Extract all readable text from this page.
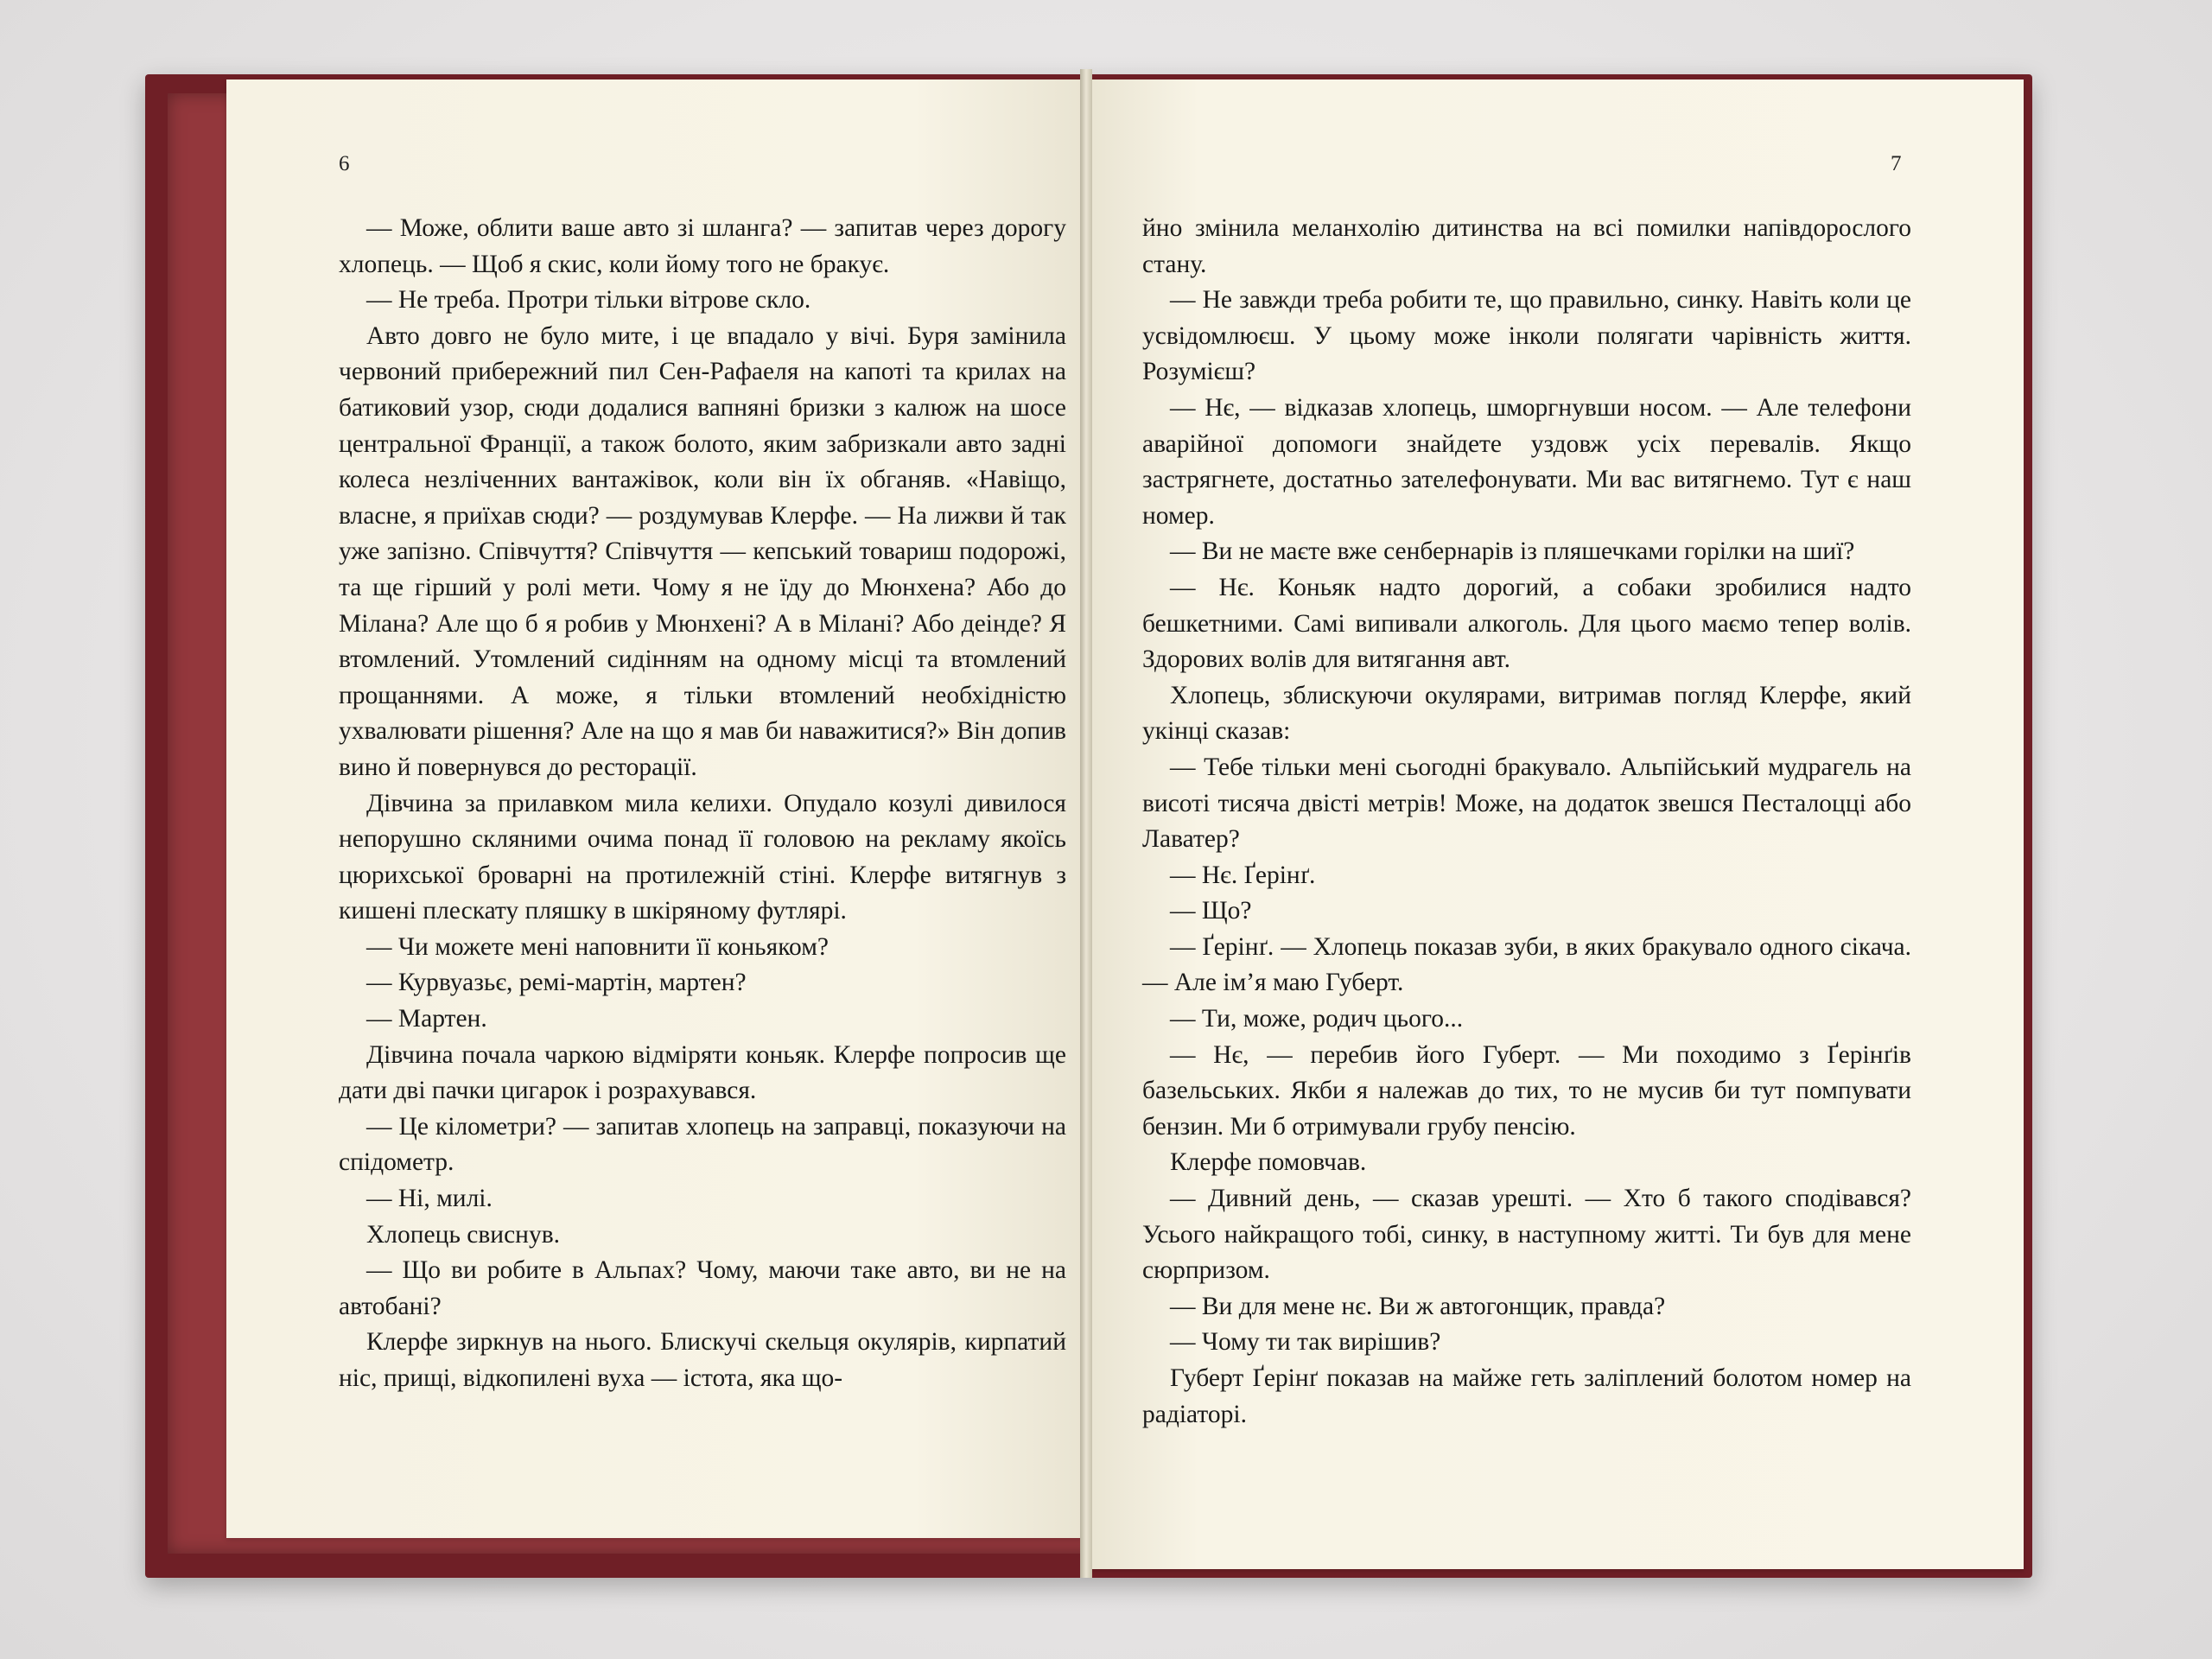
6

— Може, облити ваше авто зі шланга? — запитав через дорогу хлопець. — Щоб я скис, коли йому того не бракує.

— Не треба. Протри тільки вітрове скло.

Авто довго не було мите, і це впадало у вічі. Буря замінила червоний прибережний пил Сен-Рафаеля на капоті та крилах на батиковий узор, сюди додалися вапняні бризки з калюж на шосе центральної Франції, а також болото, яким забризкали авто задні колеса незліченних вантажівок, коли він їх обганяв. «Навіщо, власне, я приїхав сюди? — роздумував Клерфе. — На лижви й так уже запізно. Співчуття? Співчуття — кепський товариш подорожі, та ще гірший у ролі мети. Чому я не їду до Мюнхена? Або до Мілана? Але що б я робив у Мюнхені? А в Мілані? Або деінде? Я втомлений. Утомлений сидінням на одному місці та втомлений прощаннями. А може, я тільки втомлений необхідністю ухвалювати рішення? Але на що я мав би наважитися?» Він допив вино й повернувся до ресторації.

Дівчина за прилавком мила келихи. Опудало козулі дивилося непорушно скляними очима понад її головою на рекламу якоїсь цюрихської броварні на протилежній стіні. Клерфе витягнув з кишені плескату пляшку в шкіряному футлярі.

— Чи можете мені наповнити її коньяком?

— Курвуазьє, ремі-мартін, мартен?

— Мартен.

Дівчина почала чаркою відміряти коньяк. Клерфе попросив ще дати дві пачки цигарок і розрахувався.

— Це кілометри? — запитав хлопець на заправці, показуючи на спідометр.

— Ні, милі.

Хлопець свиснув.

— Що ви робите в Альпах? Чому, маючи таке авто, ви не на автобані?

Клерфе зиркнув на нього. Блискучі скельця окулярів, кирпатий ніс, прищі, відкопилені вуха — істота, яка що-

7

йно змінила меланхолію дитинства на всі помилки напівдорослого стану.

— Не завжди треба робити те, що правильно, синку. Навіть коли це усвідомлюєш. У цьому може інколи полягати чарівність життя. Розумієш?

— Нє, — відказав хлопець, шморгнувши носом. — Але телефони аварійної допомоги знайдете уздовж усіх перевалів. Якщо застрягнете, достатньо зателефонувати. Ми вас витягнемо. Тут є наш номер.

— Ви не маєте вже сенбернарів із пляшечками горілки на шиї?

— Нє. Коньяк надто дорогий, а собаки зробилися надто бешкетними. Самі випивали алкоголь. Для цього маємо тепер волів. Здорових волів для витягання авт.

Хлопець, зблискуючи окулярами, витримав погляд Клерфе, який укінці сказав:

— Тебе тільки мені сьогодні бракувало. Альпійський мудрагель на висоті тисяча двісті метрів! Може, на додаток звешся Песталоцці або Лаватер?

— Нє. Ґерінґ.

— Що?

— Ґерінґ. — Хлопець показав зуби, в яких бракувало одного сікача. — Але ім’я маю Губерт.

— Ти, може, родич цього...

— Нє, — перебив його Губерт. — Ми походимо з Ґерінґів базельських. Якби я належав до тих, то не мусив би тут помпувати бензин. Ми б отримували грубу пенсію.

Клерфе помовчав.

— Дивний день, — сказав урешті. — Хто б такого сподівався? Усього найкращого тобі, синку, в наступному житті. Ти був для мене сюрпризом.

— Ви для мене нє. Ви ж автогонщик, правда?

— Чому ти так вирішив?

Губерт Ґерінґ показав на майже геть заліплений болотом номер на радіаторі.
